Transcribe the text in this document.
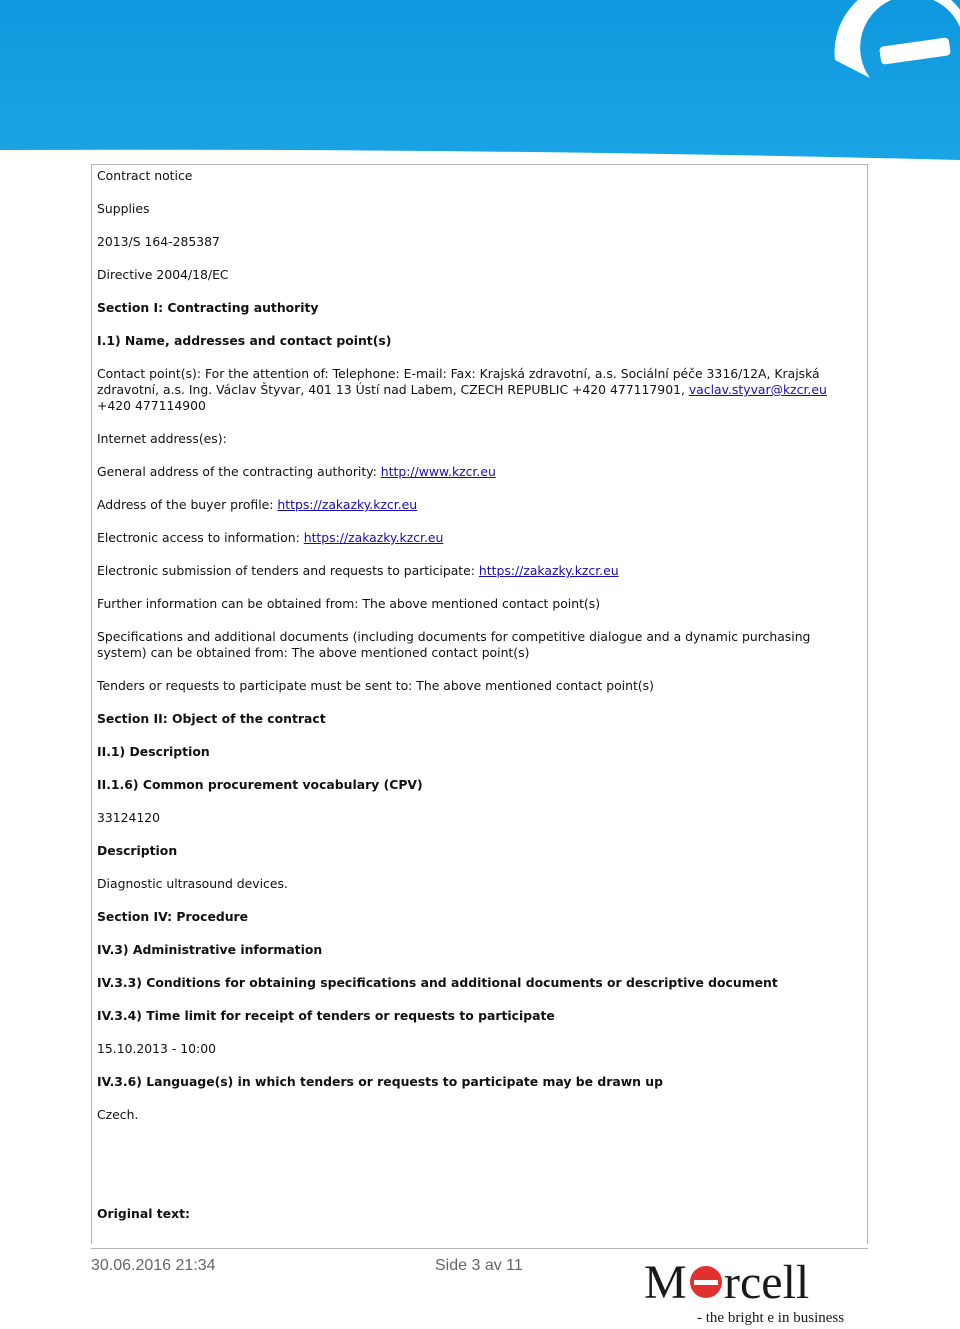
Contract notice

Supplies

2013/S 164-285387

Directive 2004/18/EC

Section I: Contracting authority

I.1) Name, addresses and contact point(s)

Contact point(s): For the attention of: Telephone: E-mail: Fax: Krajská zdravotní, a.s. Sociální péče 3316/12A, Krajská zdravotní, a.s. Ing. Václav Štyvar, 401 13 Ústí nad Labem, CZECH REPUBLIC +420 477117901, vaclav.styvar@kzcr.eu +420 477114900

Internet address(es):

General address of the contracting authority: http://www.kzcr.eu

Address of the buyer profile: https://zakazky.kzcr.eu

Electronic access to information: https://zakazky.kzcr.eu

Electronic submission of tenders and requests to participate: https://zakazky.kzcr.eu

Further information can be obtained from: The above mentioned contact point(s)

Specifications and additional documents (including documents for competitive dialogue and a dynamic purchasing system) can be obtained from: The above mentioned contact point(s)

Tenders or requests to participate must be sent to: The above mentioned contact point(s)

Section II: Object of the contract

II.1) Description

II.1.6) Common procurement vocabulary (CPV)

33124120

Description

Diagnostic ultrasound devices.

Section IV: Procedure

IV.3) Administrative information

IV.3.3) Conditions for obtaining specifications and additional documents or descriptive document

IV.3.4) Time limit for receipt of tenders or requests to participate

15.10.2013 - 10:00

IV.3.6) Language(s) in which tenders or requests to participate may be drawn up

Czech.

Original text:
30.06.2016 21:34	Side 3 av 11	M rcell
- the bright e in business
